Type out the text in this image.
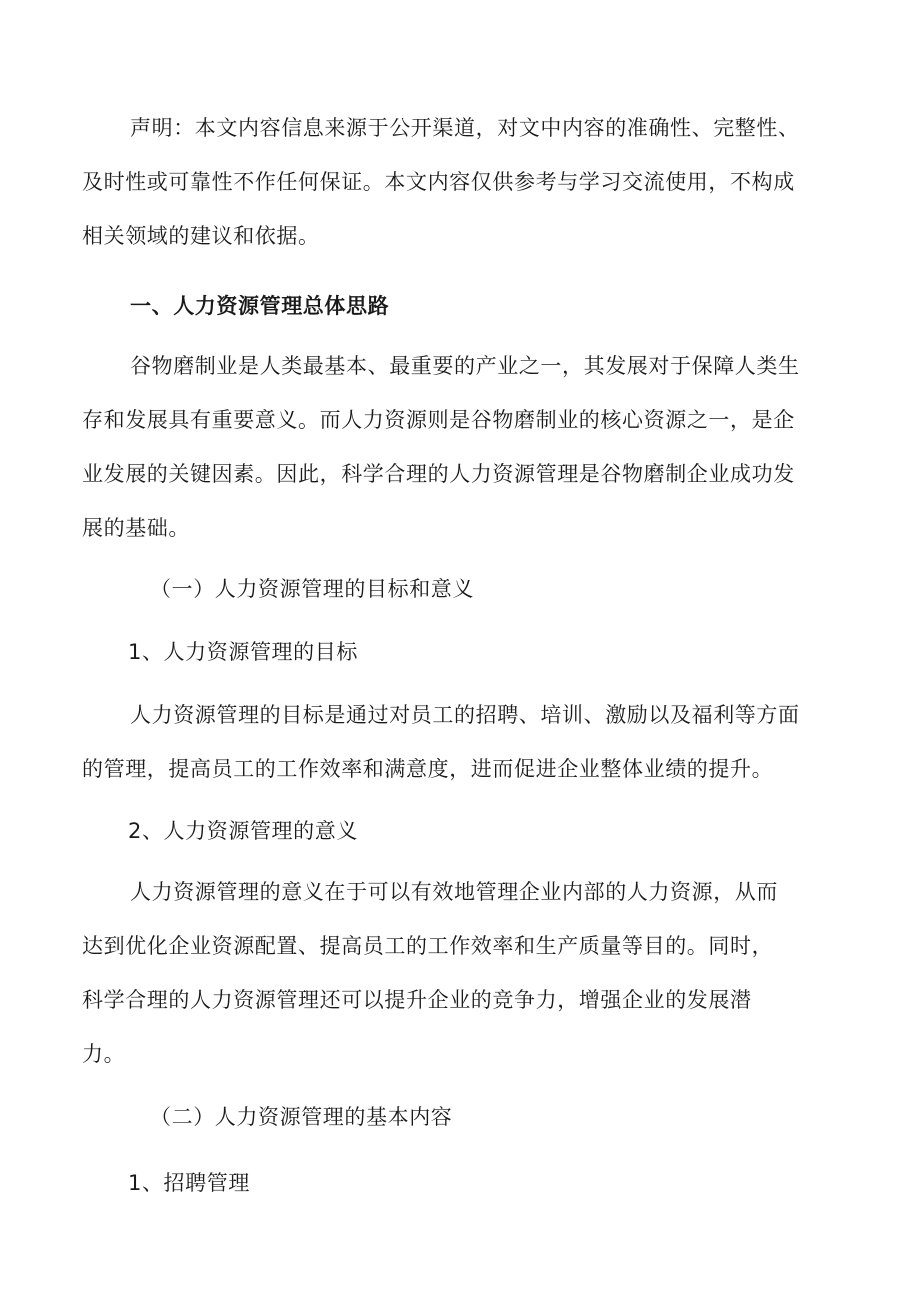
声明：本文内容信息来源于公开渠道，对文中内容的准确性、完整性、
及时性或可靠性不作任何保证。本文内容仅供参考与学习交流使用，不构成
相关领域的建议和依据。
一、人力资源管理总体思路
谷物磨制业是人类最基本、最重要的产业之一，其发展对于保障人类生
存和发展具有重要意义。而人力资源则是谷物磨制业的核心资源之一，是企
业发展的关键因素。因此，科学合理的人力资源管理是谷物磨制企业成功发
展的基础。
（一）人力资源管理的目标和意义
1、人力资源管理的目标
人力资源管理的目标是通过对员工的招聘、培训、激励以及福利等方面
的管理，提高员工的工作效率和满意度，进而促进企业整体业绩的提升。
2、人力资源管理的意义
人力资源管理的意义在于可以有效地管理企业内部的人力资源，从而
达到优化企业资源配置、提高员工的工作效率和生产质量等目的。同时，
科学合理的人力资源管理还可以提升企业的竞争力，增强企业的发展潜
力。
（二）人力资源管理的基本内容
1、招聘管理
